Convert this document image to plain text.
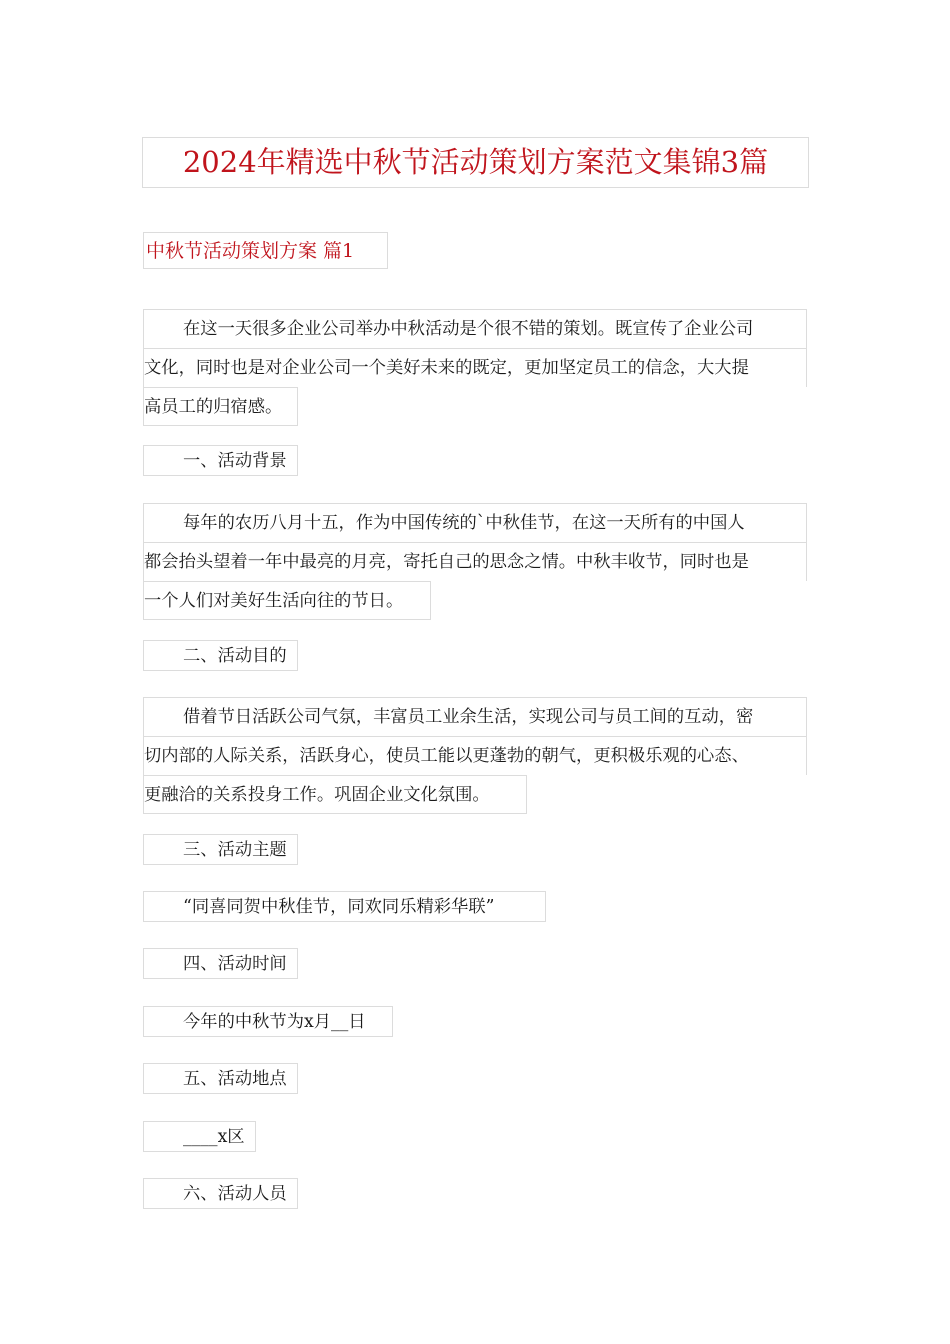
2024年精选中秋节活动策划方案范文集锦3篇
中秋节活动策划方案 篇1
在这一天很多企业公司举办中秋活动是个很不错的策划。既宣传了企业公司
文化，同时也是对企业公司一个美好未来的既定，更加坚定员工的信念，大大提
高员工的归宿感。
一、活动背景
每年的农历八月十五，作为中国传统的`中秋佳节，在这一天所有的中国人
都会抬头望着一年中最亮的月亮，寄托自己的思念之情。中秋丰收节，同时也是
一个人们对美好生活向往的节日。
二、活动目的
借着节日活跃公司气氛，丰富员工业余生活，实现公司与员工间的互动，密
切内部的人际关系，活跃身心，使员工能以更蓬勃的朝气，更积极乐观的心态、
更融洽的关系投身工作。巩固企业文化氛围。
三、活动主题
“同喜同贺中秋佳节，同欢同乐精彩华联”
四、活动时间
今年的中秋节为x月__日
五、活动地点
____x区
六、活动人员
